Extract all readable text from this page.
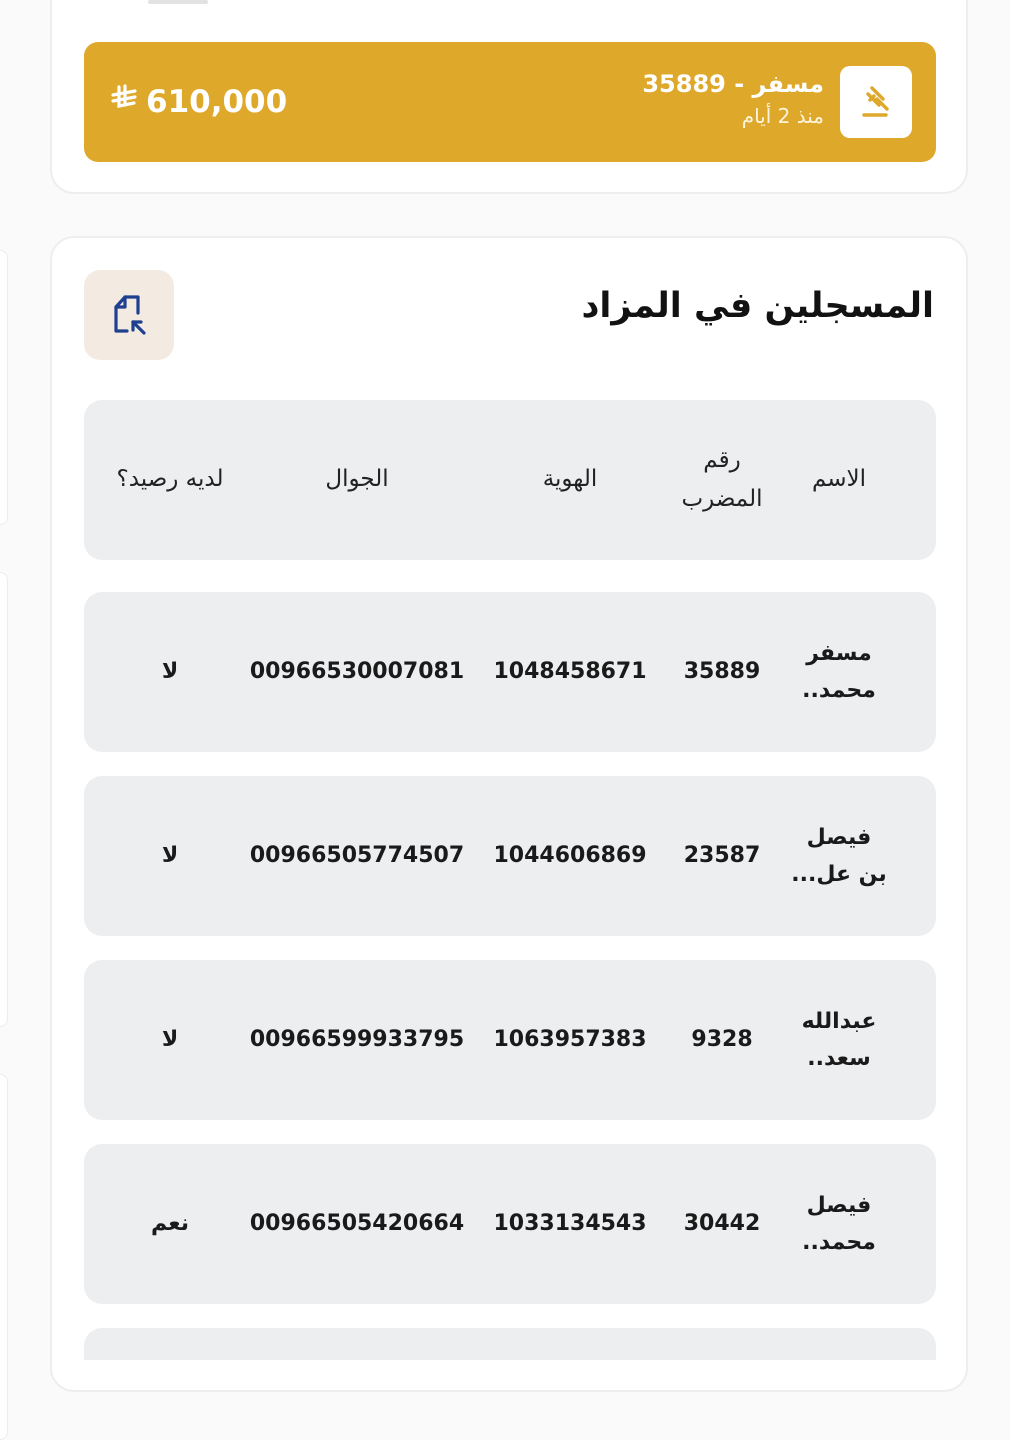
610,000	مسفر - 35889
منذ 2 أيام
المسجلين في المزاد
الاسم
رقم
المضرب
الهوية
الجوال
لديه رصيد؟
مسفر
محمد..
35889
1048458671
00966530007081
لا
فيصل
بن عل...
23587
1044606869
00966505774507
لا
عبدالله
سعد..
9328
1063957383
00966599933795
لا
فيصل
محمد..
30442
1033134543
00966505420664
نعم
